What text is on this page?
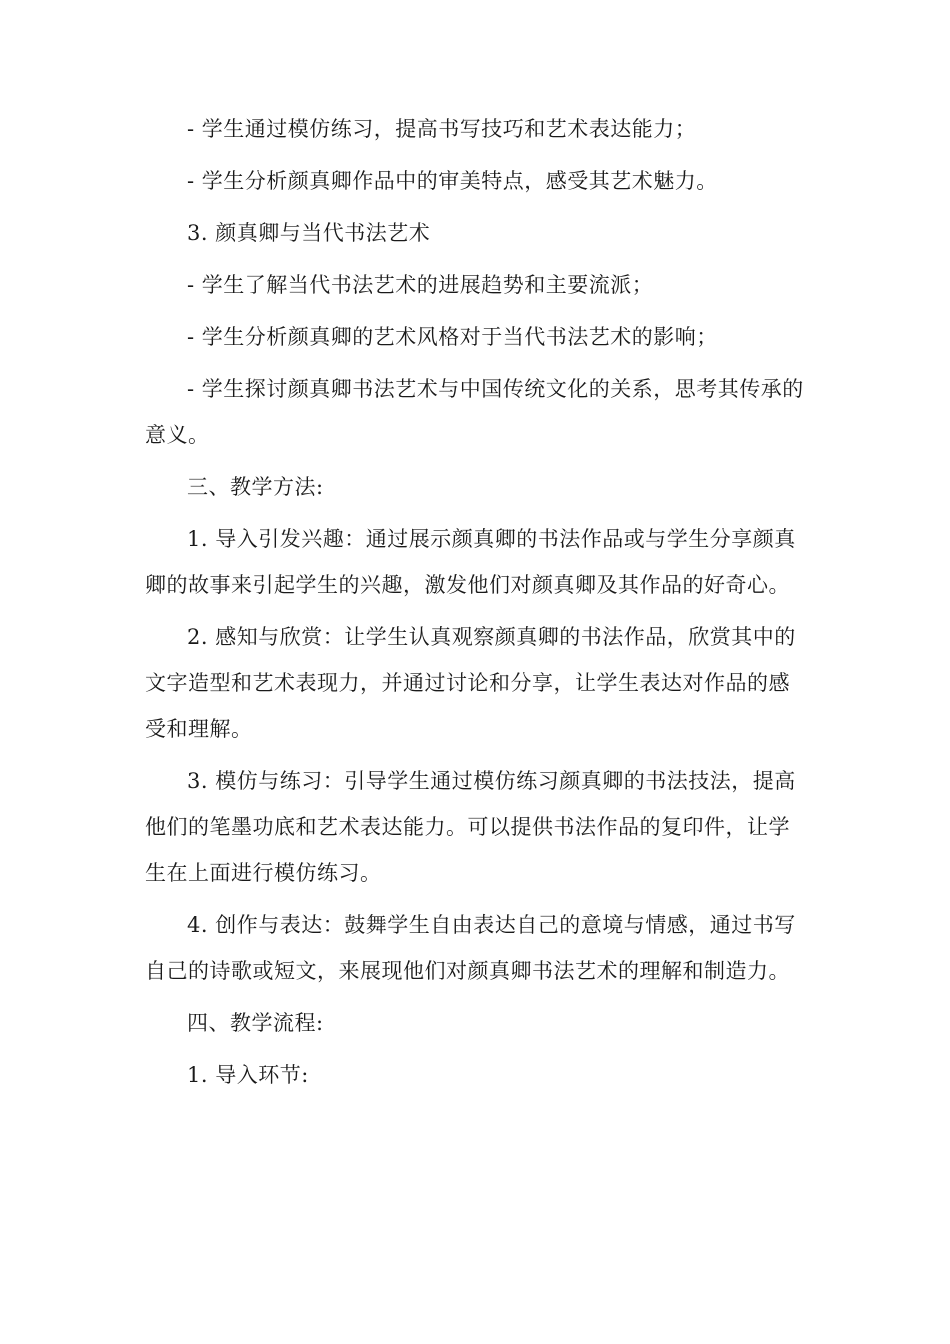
- 学生通过模仿练习，提高书写技巧和艺术表达能力；

- 学生分析颜真卿作品中的审美特点，感受其艺术魅力。

3. 颜真卿与当代书法艺术

- 学生了解当代书法艺术的进展趋势和主要流派；

- 学生分析颜真卿的艺术风格对于当代书法艺术的影响；

- 学生探讨颜真卿书法艺术与中国传统文化的关系，思考其传承的意义。

三、教学方法:

1. 导入引发兴趣：通过展示颜真卿的书法作品或与学生分享颜真卿的故事来引起学生的兴趣，激发他们对颜真卿及其作品的好奇心。

2. 感知与欣赏：让学生认真观察颜真卿的书法作品，欣赏其中的文字造型和艺术表现力，并通过讨论和分享，让学生表达对作品的感受和理解。

3. 模仿与练习：引导学生通过模仿练习颜真卿的书法技法，提高他们的笔墨功底和艺术表达能力。可以提供书法作品的复印件，让学生在上面进行模仿练习。

4. 创作与表达：鼓舞学生自由表达自己的意境与情感，通过书写自己的诗歌或短文，来展现他们对颜真卿书法艺术的理解和制造力。

四、教学流程:

1. 导入环节:
